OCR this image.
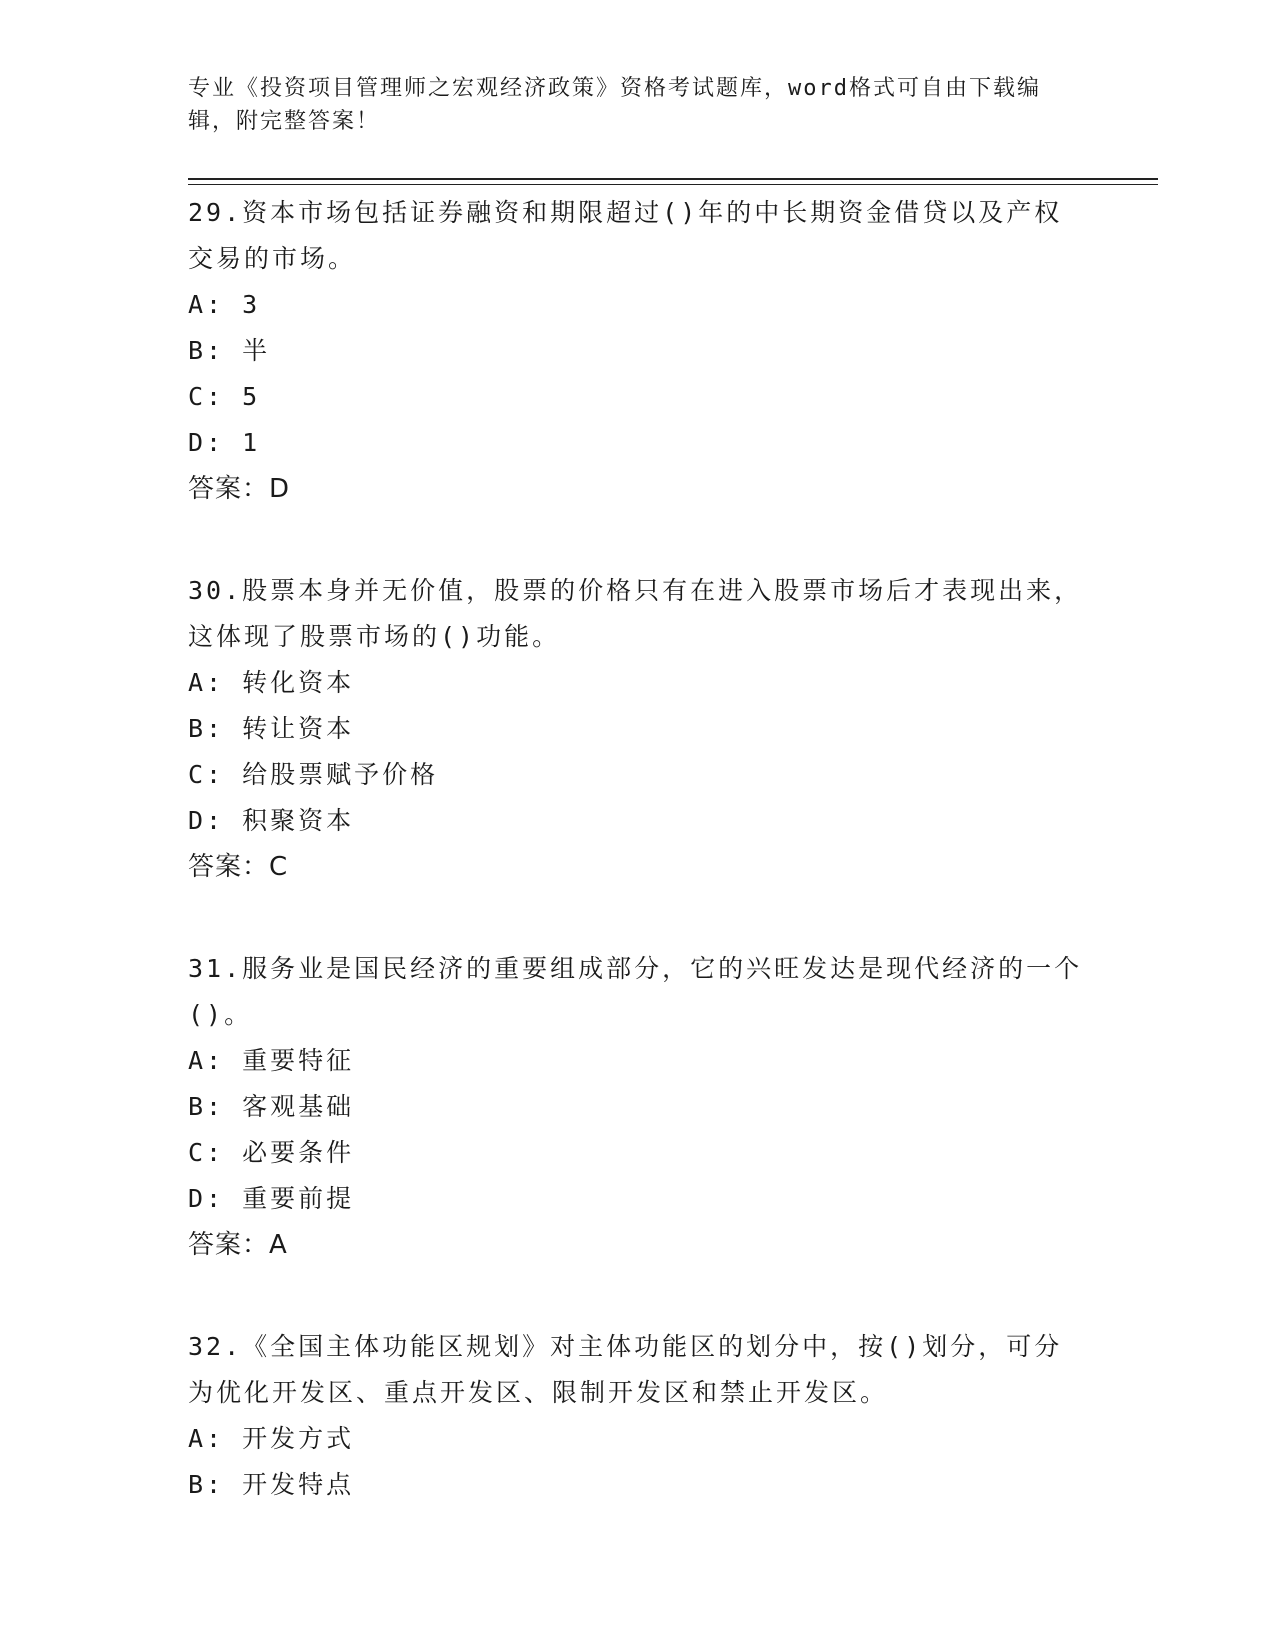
专业《投资项目管理师之宏观经济政策》资格考试题库，word格式可自由下载编辑，附完整答案！

29.资本市场包括证券融资和期限超过()年的中长期资金借贷以及产权交易的市场。

A: 3

B: 半

C: 5

D: 1

答案：D

30.股票本身并无价值，股票的价格只有在进入股票市场后才表现出来，这体现了股票市场的()功能。

A: 转化资本

B: 转让资本

C: 给股票赋予价格

D: 积聚资本

答案：C

31.服务业是国民经济的重要组成部分，它的兴旺发达是现代经济的一个()。

A: 重要特征

B: 客观基础

C: 必要条件

D: 重要前提

答案：A

32.《全国主体功能区规划》对主体功能区的划分中，按()划分，可分为优化开发区、重点开发区、限制开发区和禁止开发区。

A: 开发方式

B: 开发特点
